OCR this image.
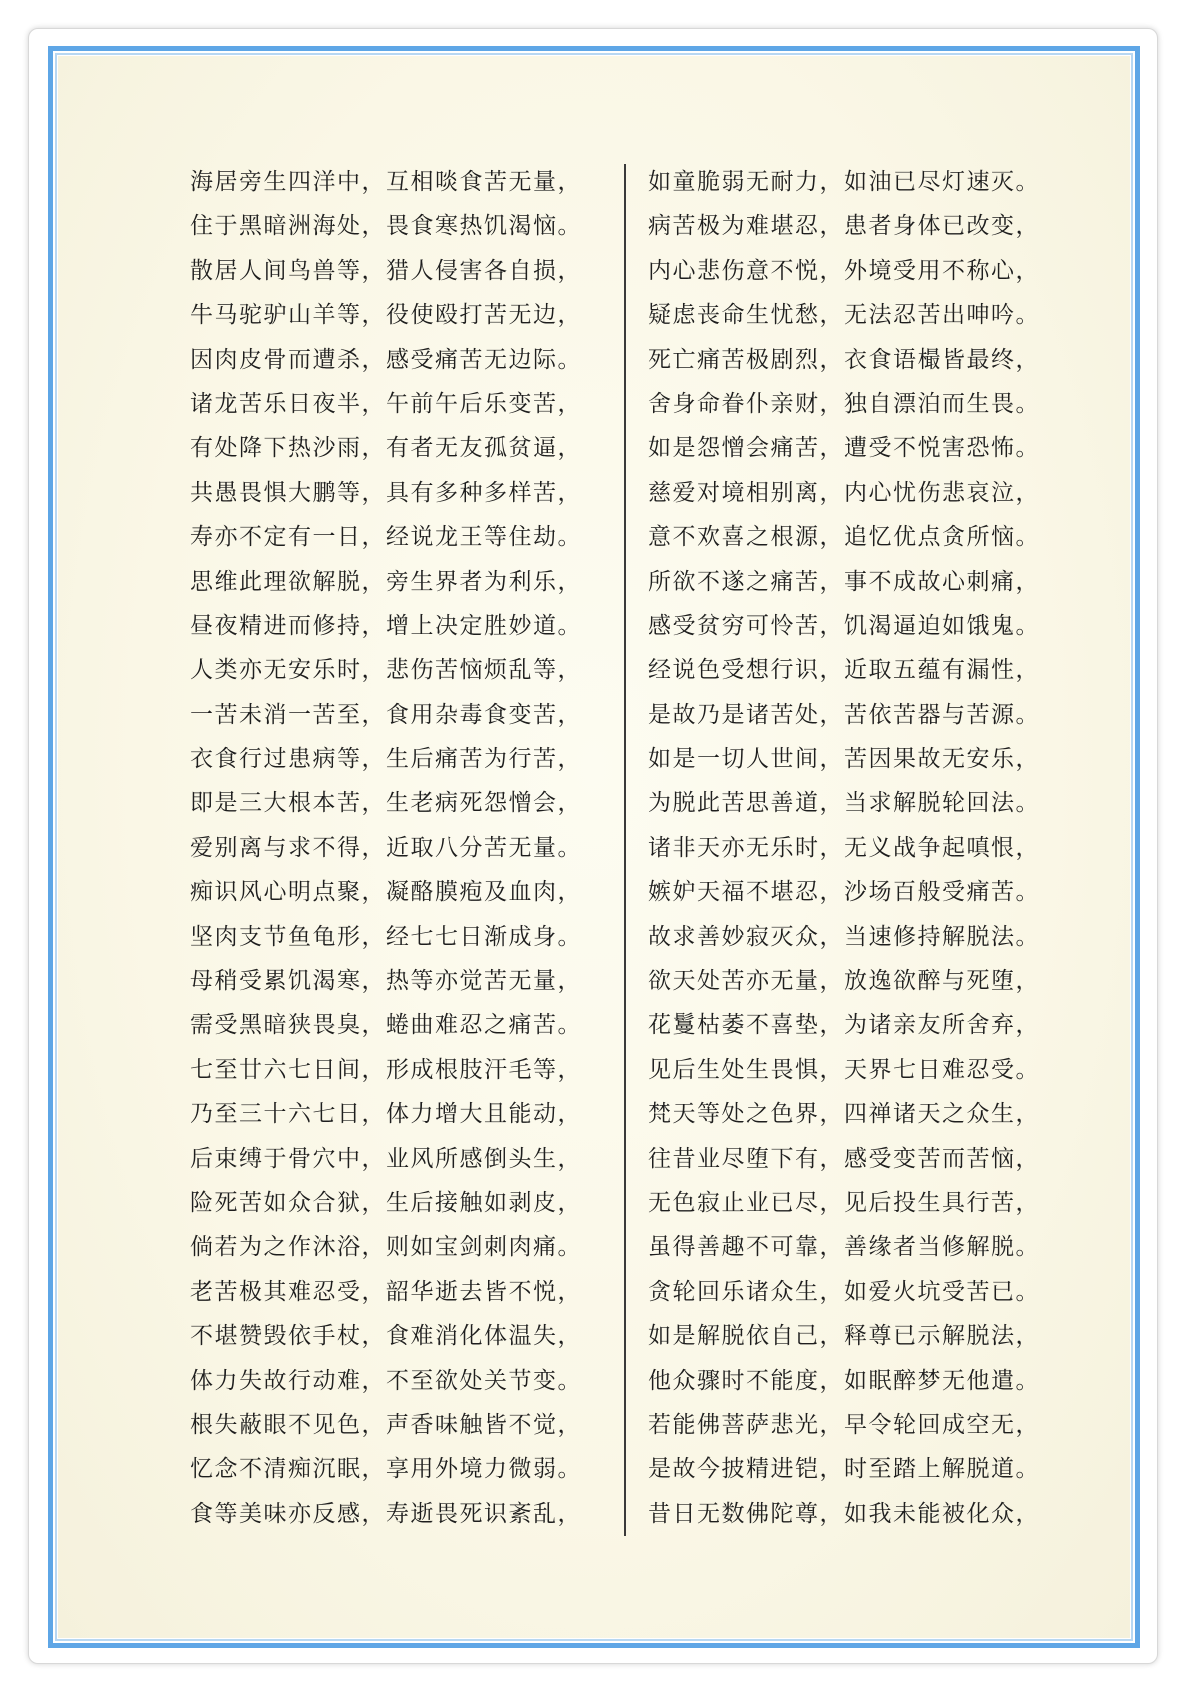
海居旁生四洋中，互相啖食苦无量，
住于黑暗洲海处，畏食寒热饥渴恼。
散居人间鸟兽等，猎人侵害各自损，
牛马驼驴山羊等，役使殴打苦无边，
因肉皮骨而遭杀，感受痛苦无边际。
诸龙苦乐日夜半，午前午后乐变苦，
有处降下热沙雨，有者无友孤贫逼，
共愚畏惧大鹏等，具有多种多样苦，
寿亦不定有一日，经说龙王等住劫。
思维此理欲解脱，旁生界者为利乐，
昼夜精进而修持，增上决定胜妙道。
人类亦无安乐时，悲伤苦恼烦乱等，
一苦未消一苦至，食用杂毒食变苦，
衣食行过患病等，生后痛苦为行苦，
即是三大根本苦，生老病死怨憎会，
爱别离与求不得，近取八分苦无量。
痴识风心明点聚，凝酪膜疱及血肉，
坚肉支节鱼龟形，经七七日渐成身。
母稍受累饥渴寒，热等亦觉苦无量，
需受黑暗狭畏臭，蜷曲难忍之痛苦。
七至廿六七日间，形成根肢汗毛等，
乃至三十六七日，体力增大且能动，
后束缚于骨穴中，业风所感倒头生，
险死苦如众合狱，生后接触如剥皮，
倘若为之作沐浴，则如宝剑刺肉痛。
老苦极其难忍受，韶华逝去皆不悦，
不堪赞毁依手杖，食难消化体温失，
体力失故行动难，不至欲处关节变。
根失蔽眼不见色，声香味触皆不觉，
忆念不清痴沉眠，享用外境力微弱。
食等美味亦反感，寿逝畏死识紊乱，
如童脆弱无耐力，如油已尽灯速灭。
病苦极为难堪忍，患者身体已改变，
内心悲伤意不悦，外境受用不称心，
疑虑丧命生忧愁，无法忍苦出呻吟。
死亡痛苦极剧烈，衣食语樶皆最终，
舍身命眷仆亲财，独自漂泊而生畏。
如是怨憎会痛苦，遭受不悦害恐怖。
慈爱对境相别离，内心忧伤悲哀泣，
意不欢喜之根源，追忆优点贪所恼。
所欲不遂之痛苦，事不成故心刺痛，
感受贫穷可怜苦，饥渴逼迫如饿鬼。
经说色受想行识，近取五蕴有漏性，
是故乃是诸苦处，苦依苦器与苦源。
如是一切人世间，苦因果故无安乐，
为脱此苦思善道，当求解脱轮回法。
诸非天亦无乐时，无义战争起嗔恨，
嫉妒天福不堪忍，沙场百般受痛苦。
故求善妙寂灭众，当速修持解脱法。
欲天处苦亦无量，放逸欲醉与死堕，
花鬘枯萎不喜垫，为诸亲友所舍弃，
见后生处生畏惧，天界七日难忍受。
梵天等处之色界，四禅诸天之众生，
往昔业尽堕下有，感受变苦而苦恼，
无色寂止业已尽，见后投生具行苦，
虽得善趣不可靠，善缘者当修解脱。
贪轮回乐诸众生，如爱火坑受苦已。
如是解脱依自己，释尊已示解脱法，
他众骤时不能度，如眠醉梦无他遣。
若能佛菩萨悲光，早令轮回成空无，
是故今披精进铠，时至踏上解脱道。
昔日无数佛陀尊，如我未能被化众，
